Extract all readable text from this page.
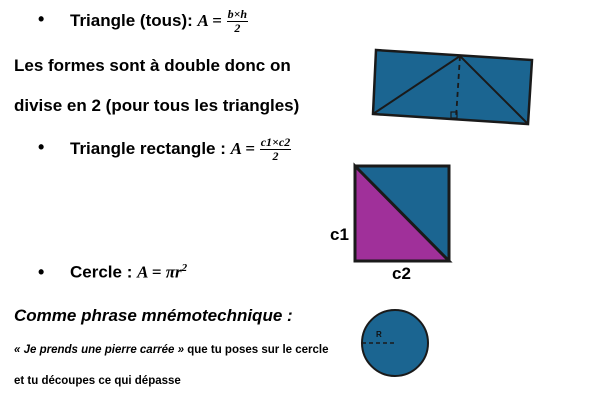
• Triangle (tous): $A = \frac{b\times h}{2}$
Les formes sont à double donc on
divise en 2 (pour tous les triangles)
• Triangle rectangle : $A = \frac{c1\times c2}{2}$
• Cercle : $A = \pi r^2$
Comme phrase mnémotechnique :
« Je prends une pierre carrée » que tu poses sur le cercle
et tu découpes ce qui dépasse
c1
c2
R
